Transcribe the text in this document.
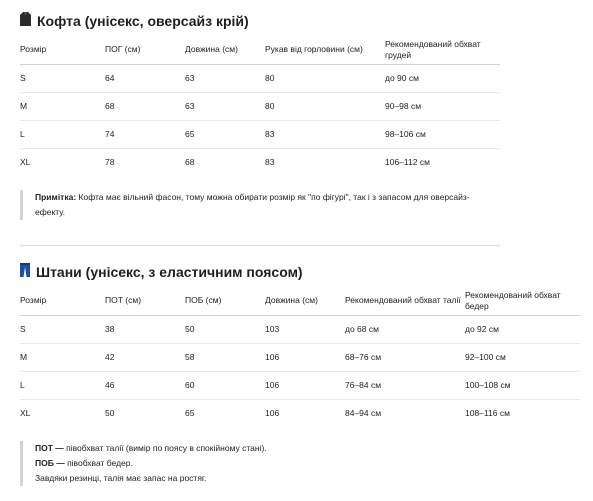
Кофта (унісекс, оверсайз крій)
Розмір	ПОГ (см)	Довжина (см)	Рукав від горловини (см)	Рекомендований обхват грудей
S	64	63	80	до 90 см
M	68	63	80	90–98 см
L	74	65	83	98–106 см
XL	78	68	83	106–112 см
Примітка: Кофта має вільний фасон, тому можна обирати розмір як "по фігурі", так і з запасом для оверсайз-ефекту.
Штани (унісекс, з еластичним поясом)
Розмір	ПОТ (см)	ПОБ (см)	Довжина (см)	Рекомендований обхват талії	Рекомендований обхват бедер
S	38	50	103	до 68 см	до 92 см
M	42	58	106	68–76 см	92–100 см
L	46	60	106	76–84 см	100–108 см
XL	50	65	106	84–94 см	108–116 см
ПОТ — півобхват талії (вимір по поясу в спокійному стані).
ПОБ — півобхват бедер.
Завдяки резинці, талія має запас на ростяг.
